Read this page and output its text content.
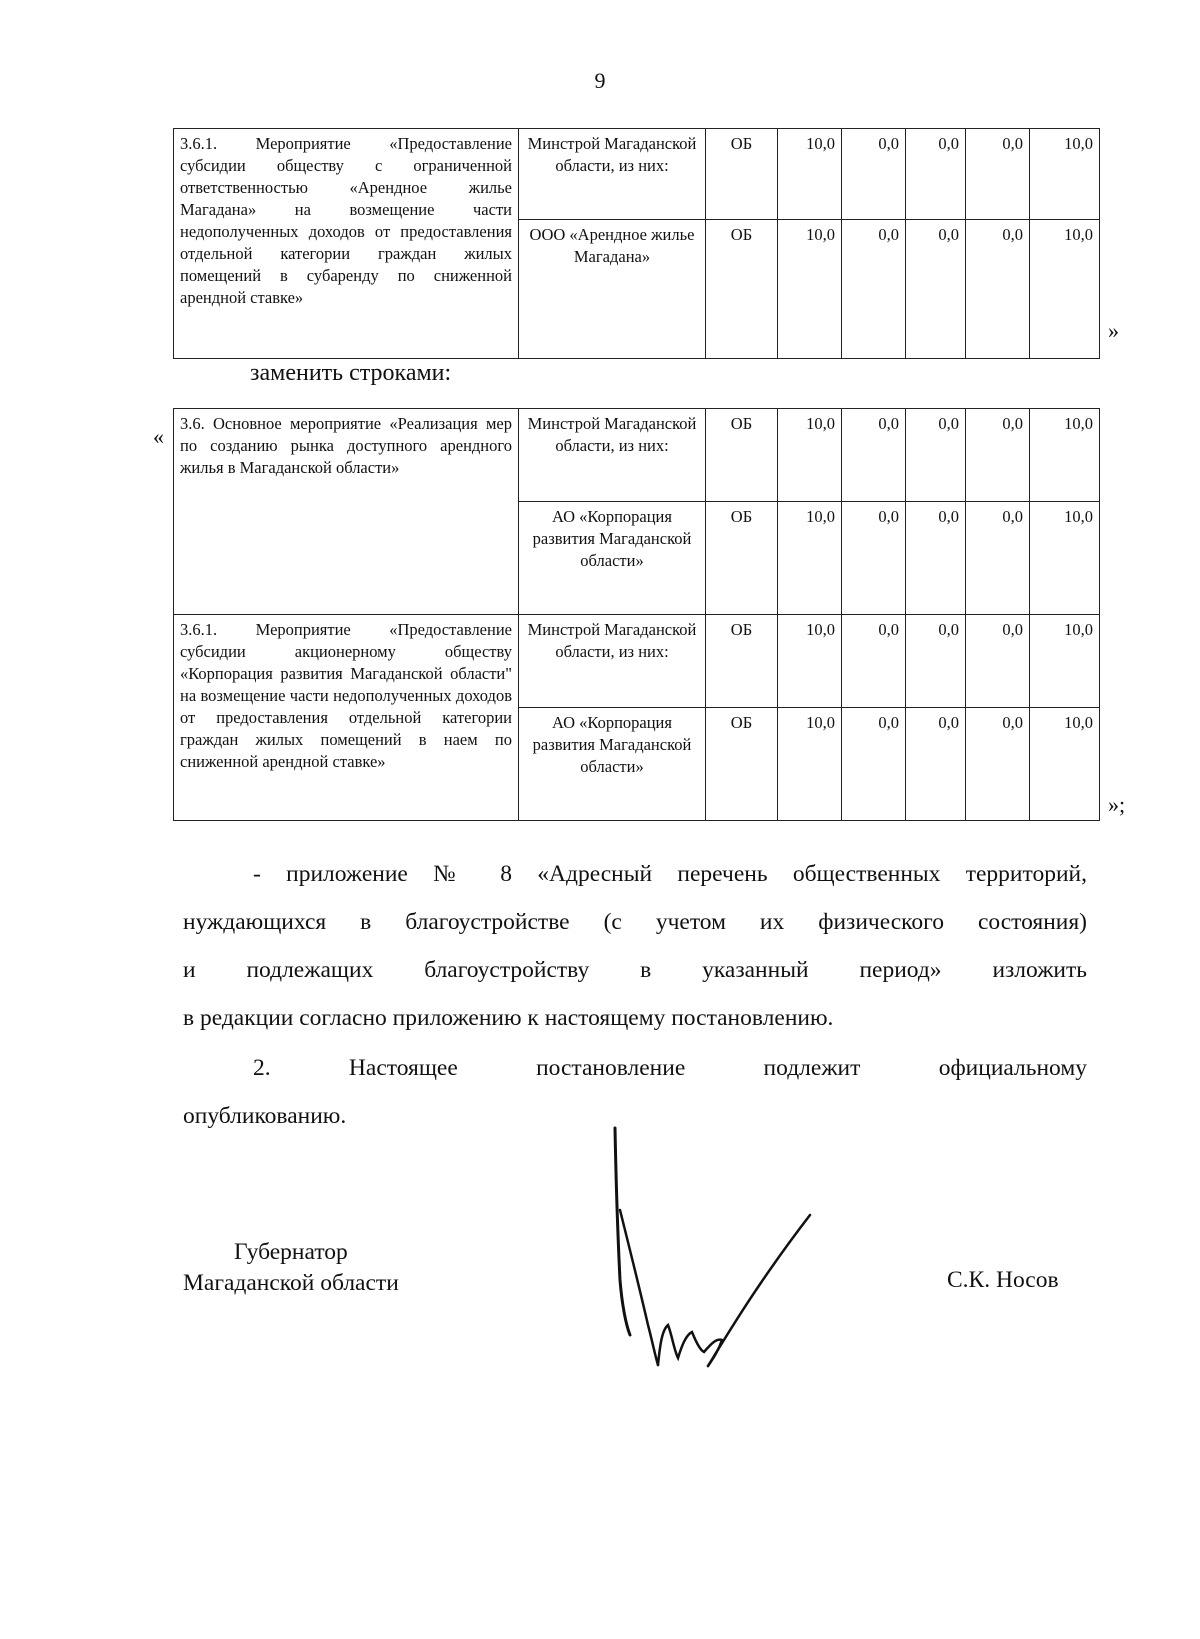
9
3.6.1. Мероприятие «Предоставление субсидии обществу с ограниченной ответственностью «Арендное жилье Магадана» на возмещение части недополученных доходов от предоставления отдельной категории граждан жилых помещений в субаренду по сниженной арендной ставке»	Минстрой Магаданской области, из них:	ОБ	10,0	0,0	0,0	0,0	10,0
	ООО «Арендное жилье Магадана»	ОБ	10,0	0,0	0,0	0,0	10,0
»
заменить строками:
«
3.6. Основное мероприятие «Реализация мер по созданию рынка доступного арендного жилья в Магаданской области»	Минстрой Магаданской области, из них:	ОБ	10,0	0,0	0,0	0,0	10,0
	АО «Корпорация развития Магаданской области»	ОБ	10,0	0,0	0,0	0,0	10,0
3.6.1. Мероприятие «Предоставление субсидии акционерному обществу «Корпорация развития Магаданской области" на возмещение части недополученных доходов от предоставления отдельной категории граждан жилых помещений в наем по сниженной арендной ставке»	Минстрой Магаданской области, из них:	ОБ	10,0	0,0	0,0	0,0	10,0
	АО «Корпорация развития Магаданской области»	ОБ	10,0	0,0	0,0	0,0	10,0
»;
- приложение № 8 «Адресный перечень общественных территорий,
нуждающихся в благоустройстве (с учетом их физического состояния)
и подлежащих благоустройству в указанный период» изложить
в редакции согласно приложению к настоящему постановлению.
2. Настоящее постановление подлежит официальному
опубликованию.
Губернатор
Магаданской области	С.К. Носов
